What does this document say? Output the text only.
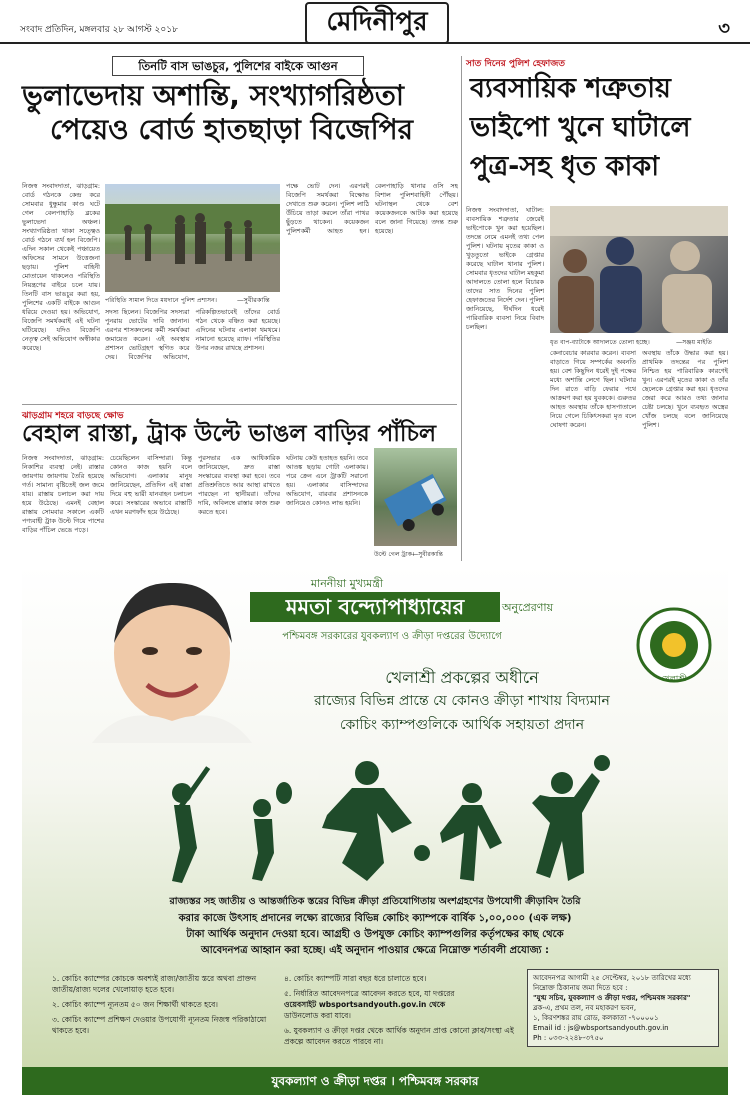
সংবাদ প্রতিদিন, মঙ্গলবার ২৮ আগস্ট ২০১৮	মেদিনীপুর	৩
তিনটি বাস ভাঙচুর, পুলিশের বাইকে আগুন
ভুলাভেদায় অশান্তি, সংখ্যাগরিষ্ঠতা
পেয়েও বোর্ড হাতছাড়া বিজেপির
নিজস্ব সংবাদদাতা, ঝাড়গ্রাম: বোর্ড গঠনকে কেন্দ্র করে সোমবার ধুন্ধুমার কাণ্ড ঘটে গেল বেলপাহাড়ি ব্লকের ভুলাভেদা অঞ্চল। সংখ্যাগরিষ্ঠতা থাকা সত্ত্বেও বোর্ড গঠনে ব্যর্থ হল বিজেপি। এদিন সকাল থেকেই পঞ্চায়েত অফিসের সামনে উত্তেজনা ছড়ায়। পুলিশ বাহিনী মোতায়েন থাকলেও পরিস্থিতি নিয়ন্ত্রণের বাইরে চলে যায়। তিনটি বাস ভাঙচুর করা হয়, পুলিশের একটি বাইকে আগুন ধরিয়ে দেওয়া হয়। অভিযোগ, বিজেপি সমর্থকরাই এই ঘটনা ঘটিয়েছে। যদিও বিজেপি নেতৃত্ব সেই অভিযোগ অস্বীকার করেছে।
পরিস্থিতি সামাল দিতে ময়দানে পুলিশ প্রশাসন।	—সুবীরকান্তি
সদস্য ছিলেন। বিজেপির সদস্যরা পুনরায় ভোটের দাবি জানান। এরপর শাসকদলের কর্মী সমর্থকরা জমায়েত করেন। এই অবস্থায় প্রশাসন ভোটগ্রহণ স্থগিত করে দেয়। বিজেপির অভিযোগ, পরিকল্পিতভাবেই তাঁদের বোর্ড গঠন থেকে বঞ্চিত করা হয়েছে। এদিনের ঘটনায় এলাকা থমথমে। নামানো হয়েছে র‍্যাফ। পরিস্থিতির উপর নজর রাখছে প্রশাসন।
পক্ষে ভোট দেন। এরপরই বিজেপি সমর্থকরা বিক্ষোভ দেখাতে শুরু করেন। পুলিশ লাঠি উঁচিয়ে তাড়া করলে তাঁরা পাথর ছুঁড়তে থাকেন। কয়েকজন পুলিশকর্মী আহত হন। বেলপাহাড়ি থানার ওসি সহ বিশাল পুলিশবাহিনী পৌঁছয়। ঘটনাস্থল থেকে বেশ কয়েকজনকে আটক করা হয়েছে বলে জানা গিয়েছে। তদন্ত শুরু হয়েছে।
সাত দিনের পুলিশ হেফাজত
ব্যবসায়িক শত্রুতায়
ভাইপো খুনে ঘাটালে
পুত্র-সহ ধৃত কাকা
নিজস্ব সংবাদদাতা, ঘাটাল: ব্যবসায়িক শত্রুতার জেরেই ভাইপোকে খুন করা হয়েছিল। তদন্তে নেমে এমনই তথ্য পেল পুলিশ। ঘটনায় মৃতের কাকা ও খুড়তুতো ভাইকে গ্রেপ্তার করেছে ঘাটাল থানার পুলিশ। সোমবার ধৃতদের ঘাটাল মহকুমা আদালতে তোলা হলে বিচারক তাদের সাত দিনের পুলিশ হেফাজতের নির্দেশ দেন। পুলিশ জানিয়েছে, দীর্ঘদিন ধরেই পারিবারিক ব্যবসা নিয়ে বিবাদ চলছিল।
ধৃত বাপ-ব্যাটাকে আদালতে তোলা হচ্ছে।	—সঞ্জয় মাইতি
কেনাবেচার কারবার করেন। ব্যবসা বাড়াতে গিয়ে সম্পর্কের অবনতি হয়। বেশ কিছুদিন ধরেই দুই পক্ষের মধ্যে অশান্তি লেগে ছিল। ঘটনার দিন রাতে বাড়ি ফেরার পথে আক্রমণ করা হয় যুবককে। গুরুতর আহত অবস্থায় তাঁকে হাসপাতালে নিয়ে গেলে চিকিৎসকরা মৃত বলে ঘোষণা করেন।
অবস্থায় তাঁকে উদ্ধার করা হয়। প্রাথমিক তদন্তের পর পুলিশ নিশ্চিত হয় পারিবারিক কারণেই খুন। এরপরই মৃতের কাকা ও তাঁর ছেলেকে গ্রেপ্তার করা হয়। ধৃতদের জেরা করে আরও তথ্য জানার চেষ্টা চলছে। খুনে ব্যবহৃত অস্ত্রের খোঁজ চলছে বলে জানিয়েছে পুলিশ।
ঝাড়গ্রাম শহরে বাড়ছে ক্ষোভ
বেহাল রাস্তা, ট্রাক উল্টে ভাঙল বাড়ির পাঁচিল
নিজস্ব সংবাদদাতা, ঝাড়গ্রাম: নিকাশির ব্যবস্থা নেই। রাস্তার জায়গায় জায়গায় তৈরি হয়েছে গর্ত। সামান্য বৃষ্টিতেই জল জমে যায়। রাস্তায় চলাচল করা দায় হয়ে উঠেছে। এমনই বেহাল রাস্তায় সোমবার সকালে একটি পণ্যবাহী ট্রাক উল্টে গিয়ে পাশের বাড়ির পাঁচিল ভেঙে পড়ে।
চেয়েছিলেন বাসিন্দারা। কিন্তু কোনও কাজ হয়নি বলে অভিযোগ। এলাকার মানুষ জানিয়েছেন, প্রতিদিন এই রাস্তা দিয়ে বহু ভারী যানবাহন চলাচল করে। সংস্কারের অভাবে রাস্তাটি এখন মরণফাঁদ হয়ে উঠেছে।
পুরসভার এক আধিকারিক জানিয়েছেন, দ্রুত রাস্তা সংস্কারের ব্যবস্থা করা হবে। তবে প্রতিশ্রুতিতে আর আস্থা রাখতে পারছেন না স্থানীয়রা। তাঁদের দাবি, অবিলম্বে রাস্তার কাজ শুরু করতে হবে।
ঘটনায় কেউ হতাহত হয়নি। তবে আতঙ্ক ছড়ায় গোটা এলাকায়। পরে ক্রেন এনে ট্রাকটি সরানো হয়। এলাকার বাসিন্দাদের অভিযোগ, বারবার প্রশাসনকে জানিয়েও কোনও লাভ হয়নি।
উল্টে গেল ট্রাক।
—সুবীরকান্তি
মাননীয়া মুখ্যমন্ত্রী
মমতা বন্দ্যোপাধ্যায়ের	অনুপ্রেরণায়
পশ্চিমবঙ্গ সরকারের যুবকল্যাণ ও ক্রীড়া দপ্তরের উদ্যোগে
খেলাশ্রী
খেলাশ্রী প্রকল্পের অধীনে
রাজ্যের বিভিন্ন প্রান্তে যে কোনও ক্রীড়া শাখায় বিদ্যমান
কোচিং ক্যাম্পগুলিকে আর্থিক সহায়তা প্রদান
রাজ্যস্তর সহ জাতীয় ও আন্তর্জাতিক স্তরের বিভিন্ন ক্রীড়া প্রতিযোগিতায় অংশগ্রহণের উপযোগী ক্রীড়াবিদ তৈরি
করার কাজে উৎসাহ প্রদানের লক্ষ্যে রাজ্যের বিভিন্ন কোচিং ক্যাম্পকে বার্ষিক ১,০০,০০০ (এক লক্ষ)
টাকা আর্থিক অনুদান দেওয়া হবে। আগ্রহী ও উপযুক্ত কোচিং ক্যাম্পগুলির কর্তৃপক্ষের কাছ থেকে
আবেদনপত্র আহ্বান করা হচ্ছে। এই অনুদান পাওয়ার ক্ষেত্রে নিম্নোক্ত শর্তাবলী প্রযোজ্য :
১. কোচিং ক্যাম্পের কোচকে অবশ্যই রাজ্য/জাতীয় স্তরে অথবা প্রাক্তন জাতীয়/রাজ্য দলের খেলোয়াড় হতে হবে।
২. কোচিং ক্যাম্পে ন্যূনতম ৫০ জন শিক্ষার্থী থাকতে হবে।
৩. কোচিং ক্যাম্পে প্রশিক্ষণ দেওয়ার উপযোগী ন্যূনতম নিজস্ব পরিকাঠামো থাকতে হবে।
৪. কোচিং ক্যাম্পটি সারা বছর ধরে চালাতে হবে।
৫. নির্ধারিত আবেদনপত্রে আবেদন করতে হবে, যা দপ্তরের
ওয়েবসাইট wbsportsandyouth.gov.in থেকে
ডাউনলোড করা যাবে।
৬. যুবকল্যাণ ও ক্রীড়া দপ্তর থেকে আর্থিক অনুদান প্রাপ্ত কোনো ক্লাব/সংস্থা এই প্রকল্পে আবেদন করতে পারবে না।
আবেদনপত্র আগামী ২৫ সেপ্টেম্বর, ২০১৮ তারিখের মধ্যে
নিম্নোক্ত ঠিকানায় জমা দিতে হবে :
"যুগ্ম সচিব, যুবকল্যাণ ও ক্রীড়া দপ্তর, পশ্চিমবঙ্গ সরকার"
ব্লক-এ, প্রথম তল, নব মহাকরণ ভবন,
১, কিরণশঙ্কর রায় রোড, কলকাতা -৭০০০০১
Email id : js@wbsportsandyouth.gov.in
Ph : ০৩৩-২২৪৮-৩৭৫০
যুবকল্যাণ ও ক্রীড়া দপ্তর । পশ্চিমবঙ্গ সরকার
